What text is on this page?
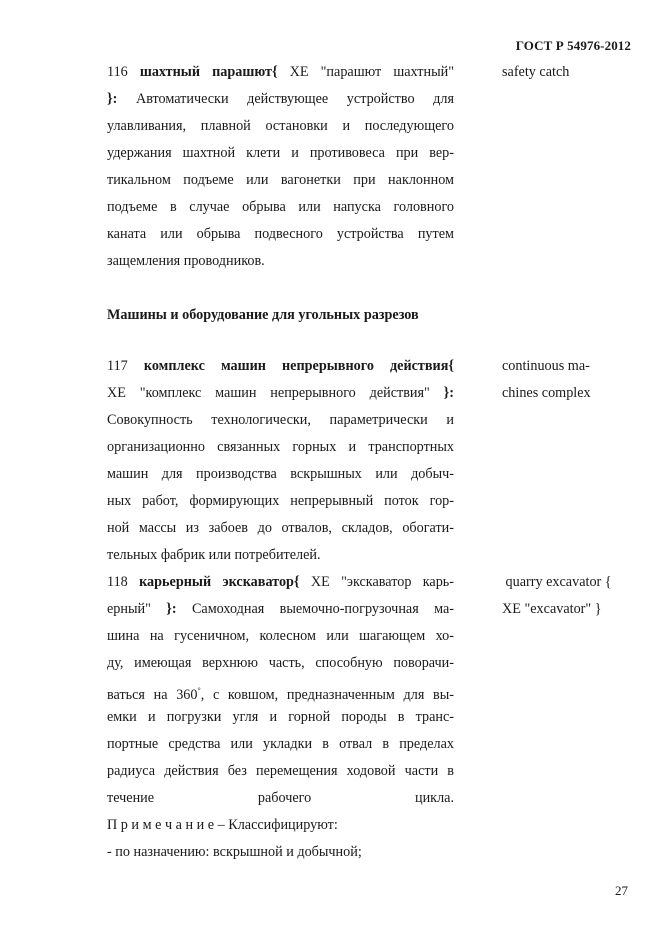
ГОСТ Р 54976-2012
116 шахтный парашют{ XE "парашют шахтный"
}: Автоматически действующее устройство для
улавливания, плавной остановки и последующего
удержания шахтной клети и противовеса при вер-
тикальном подъеме или вагонетки при наклонном
подъеме в случае обрыва или напуска головного
каната или обрыва подвесного устройства путем
защемления проводников.
safety catch
Машины и оборудование для угольных разрезов
117 комплекс машин непрерывного действия{
XE "комплекс машин непрерывного действия" }:
Совокупность технологически, параметрически и
организационно связанных горных и транспортных
машин для производства вскрышных или добыч-
ных работ, формирующих непрерывный поток гор-
ной массы из забоев до отвалов, складов, обогати-
тельных фабрик или потребителей.
continuous ma-
chines complex
118 карьерный экскаватор{ XE "экскаватор карь-
ерный" }: Самоходная выемочно-погрузочная ма-
шина на гусеничном, колесном или шагающем хо-
ду, имеющая верхнюю часть, способную поворачи-
ваться на 360°, с ковшом, предназначенным для вы-
емки и погрузки угля и горной породы в транс-
портные средства или укладки в отвал в пределах
радиуса действия без перемещения ходовой части в
течение рабочего цикла.
П р и м е ч а н и е – Классифицируют:
- по назначению: вскрышной и добычной;
quarry excavator {
XE "excavator" }
27
